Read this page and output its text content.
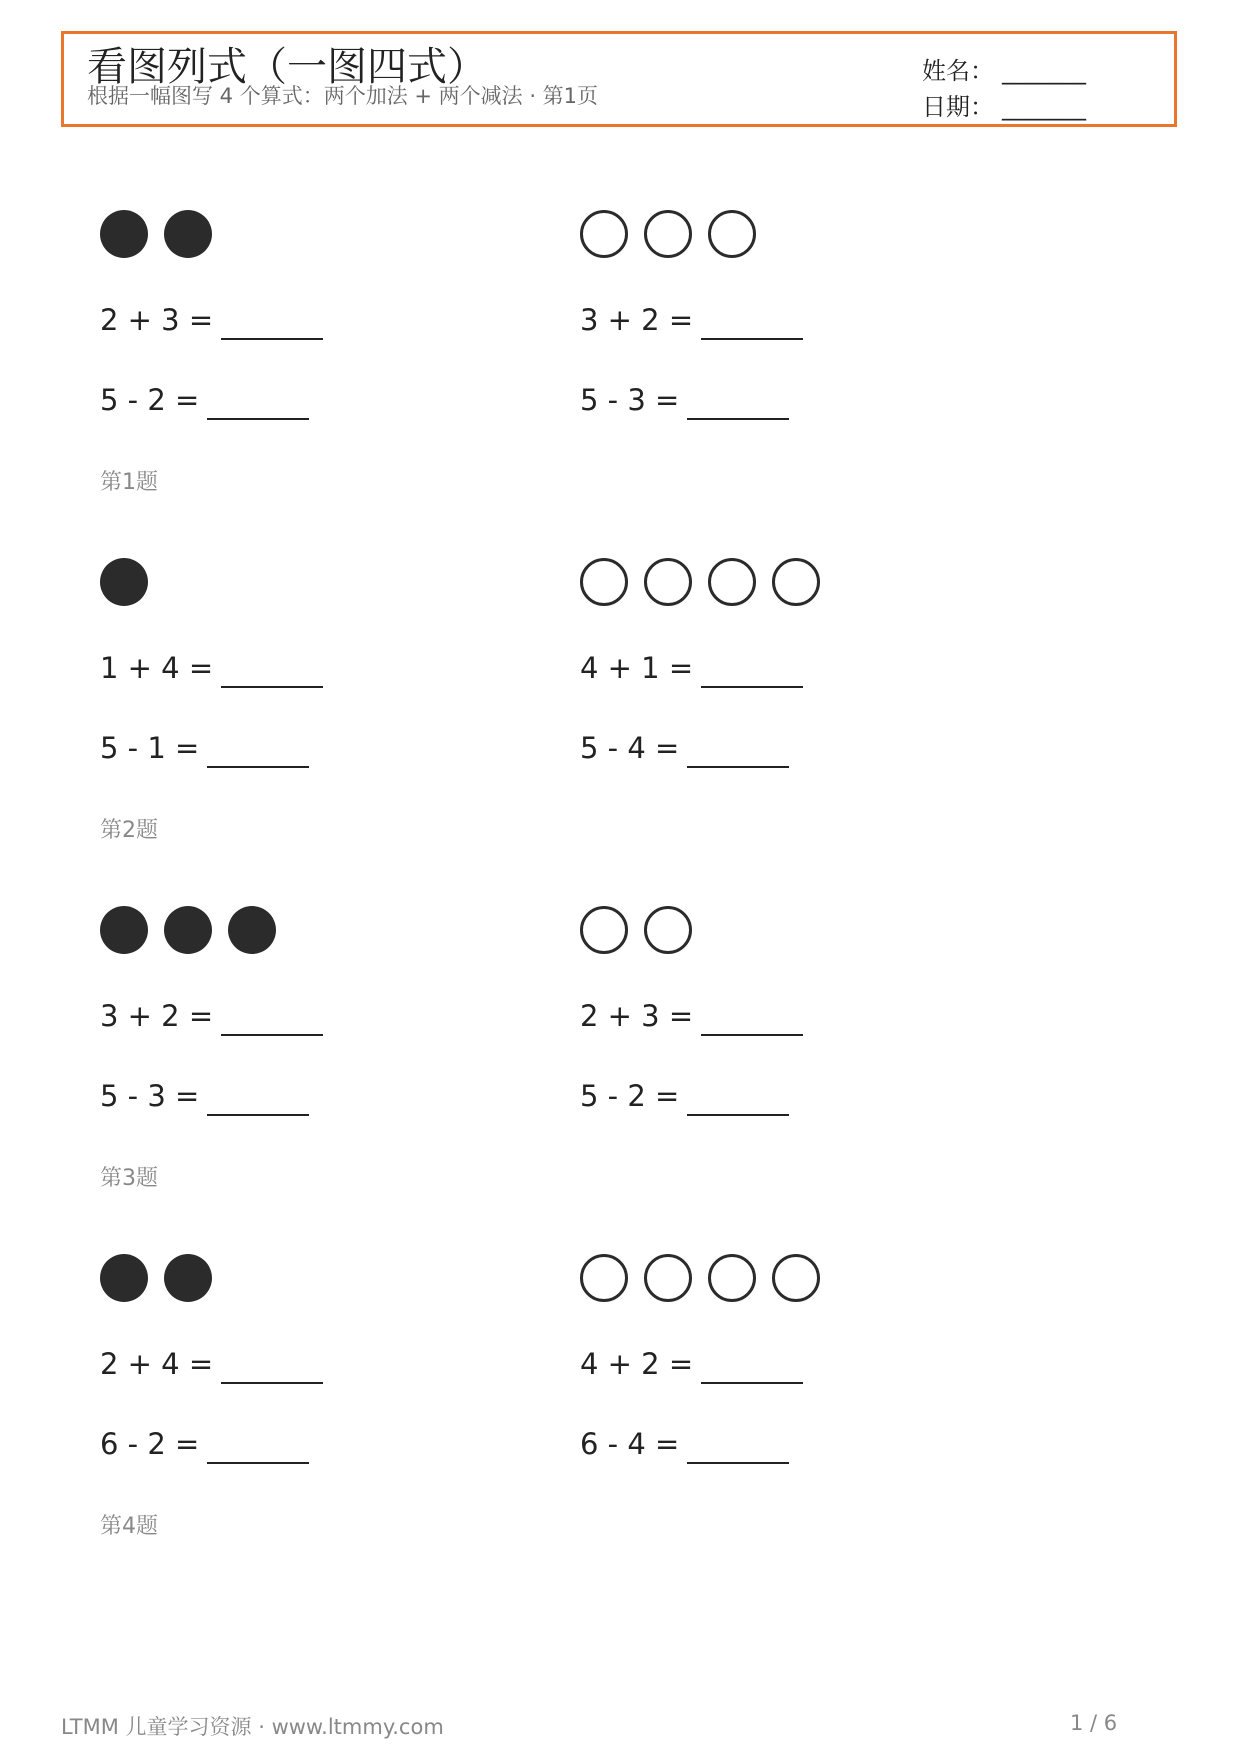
看图列式（一图四式）
根据一幅图写 4 个算式：两个加法 + 两个减法 · 第1页
姓名： _______
日期： _______
2 + 3 =
5 - 2 =
3 + 2 =
5 - 3 =
第1题
1 + 4 =
5 - 1 =
4 + 1 =
5 - 4 =
第2题
3 + 2 =
5 - 3 =
2 + 3 =
5 - 2 =
第3题
2 + 4 =
6 - 2 =
4 + 2 =
6 - 4 =
第4题
LTMM 儿童学习资源 · www.ltmmy.com	1 / 6
